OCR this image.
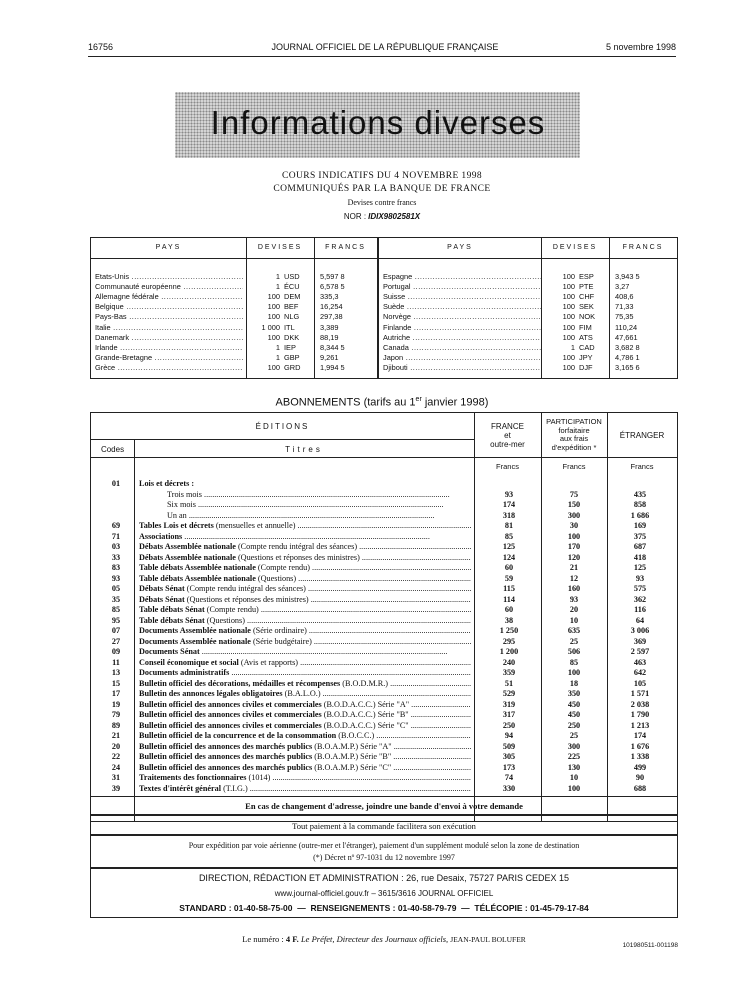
16756	JOURNAL OFFICIEL DE LA RÉPUBLIQUE FRANÇAISE	5 novembre 1998
Informations diverses
COURS INDICATIFS DU 4 NOVEMBRE 1998
COMMUNIQUÉS PAR LA BANQUE DE FRANCE
Devises contre francs
NOR : IDIX9802581X
PAYS	DEVISES	FRANCS	PAYS	DEVISES	FRANCS
Etats-Unis .....	1 USD	5,597 8
Communauté européenne .....	1 ÉCU	6,578 5
Allemagne fédérale .....	100 DEM	335,3
Belgique .....	100 BEF	16,254
Pays-Bas .....	100 NLG	297,38
Italie .....	1 000 ITL	3,389
Danemark .....	100 DKK	88,19
Irlande .....	1 IEP	8,344 5
Grande-Bretagne .....	1 GBP	9,261
Grèce .....	100 GRD	1,994 5
Espagne .....	100 ESP	3,943 5
Portugal .....	100 PTE	3,27
Suisse .....	100 CHF	408,6
Suède .....	100 SEK	71,33
Norvège .....	100 NOK	75,35
Finlande .....	100 FIM	110,24
Autriche .....	100 ATS	47,661
Canada .....	1 CAD	3,682 8
Japon .....	100 JPY	4,786 1
Djibouti .....	100 DJF	3,165 6
ABONNEMENTS (tarifs au 1er janvier 1998)
ÉDITIONS
Codes	Titres
FRANCE
et
outre-mer
PARTICIPATION
forfaitaire
aux frais
d'expédition *
ÉTRANGER
Francs	Francs	Francs
01	Lois et décrets :
Trois mois .....	93	75	435
Six mois .....	174	150	858
Un an .....	318	300	1 686
69	Tables Lois et décrets (mensuelles et annuelle) .....	81	30	169
71	Associations .....	85	100	375
03	Débats Assemblée nationale (Compte rendu intégral des séances) .....	125	170	687
33	Débats Assemblée nationale (Questions et réponses des ministres) .....	124	120	418
83	Table débats Assemblée nationale (Compte rendu) .....	60	21	125
93	Table débats Assemblée nationale (Questions) .....	59	12	93
05	Débats Sénat (Compte rendu intégral des séances) .....	115	160	575
35	Débats Sénat (Questions et réponses des ministres) .....	114	93	362
85	Table débats Sénat (Compte rendu) .....	60	20	116
95	Table débats Sénat (Questions) .....	38	10	64
07	Documents Assemblée nationale (Série ordinaire) .....	1 250	635	3 006
27	Documents Assemblée nationale (Série budgétaire) .....	295	25	369
09	Documents Sénat .....	1 200	506	2 597
11	Conseil économique et social (Avis et rapports) .....	240	85	463
13	Documents administratifs .....	359	100	642
15	Bulletin officiel des décorations, médailles et récompenses (B.O.D.M.R.) .....	51	18	105
17	Bulletin des annonces légales obligatoires (B.A.L.O.) .....	529	350	1 571
19	Bulletin officiel des annonces civiles et commerciales (B.O.D.A.C.C.) Série "A" .....	319	450	2 038
79	Bulletin officiel des annonces civiles et commerciales (B.O.D.A.C.C.) Série "B" .....	317	450	1 790
89	Bulletin officiel des annonces civiles et commerciales (B.O.D.A.C.C.) Série "C" .....	250	250	1 213
21	Bulletin officiel de la concurrence et de la consommation (B.O.C.C.) .....	94	25	174
20	Bulletin officiel des annonces des marchés publics (B.O.A.M.P.) Série "A" .....	509	300	1 676
22	Bulletin officiel des annonces des marchés publics (B.O.A.M.P.) Série "B" .....	305	225	1 338
24	Bulletin officiel des annonces des marchés publics (B.O.A.M.P.) Série "C" .....	173	130	499
31	Traitements des fonctionnaires (1014) .....	74	10	90
39	Textes d'intérêt général (T.I.G.) .....	330	100	688
En cas de changement d'adresse, joindre une bande d'envoi à votre demande
Tout paiement à la commande facilitera son exécution
Pour expédition par voie aérienne (outre-mer et l'étranger), paiement d'un supplément modulé selon la zone de destination
(*) Décret nº 97-1031 du 12 novembre 1997
DIRECTION, RÉDACTION ET ADMINISTRATION : 26, rue Desaix, 75727 PARIS CEDEX 15
www.journal-officiel.gouv.fr – 3615/3616 JOURNAL OFFICIEL
STANDARD : 01-40-58-75-00 — RENSEIGNEMENTS : 01-40-58-79-79 — TÉLÉCOPIE : 01-45-79-17-84
Le numéro : 4 F. Le Préfet, Directeur des Journaux officiels, JEAN-PAUL BOLUFER
101980511-001198
